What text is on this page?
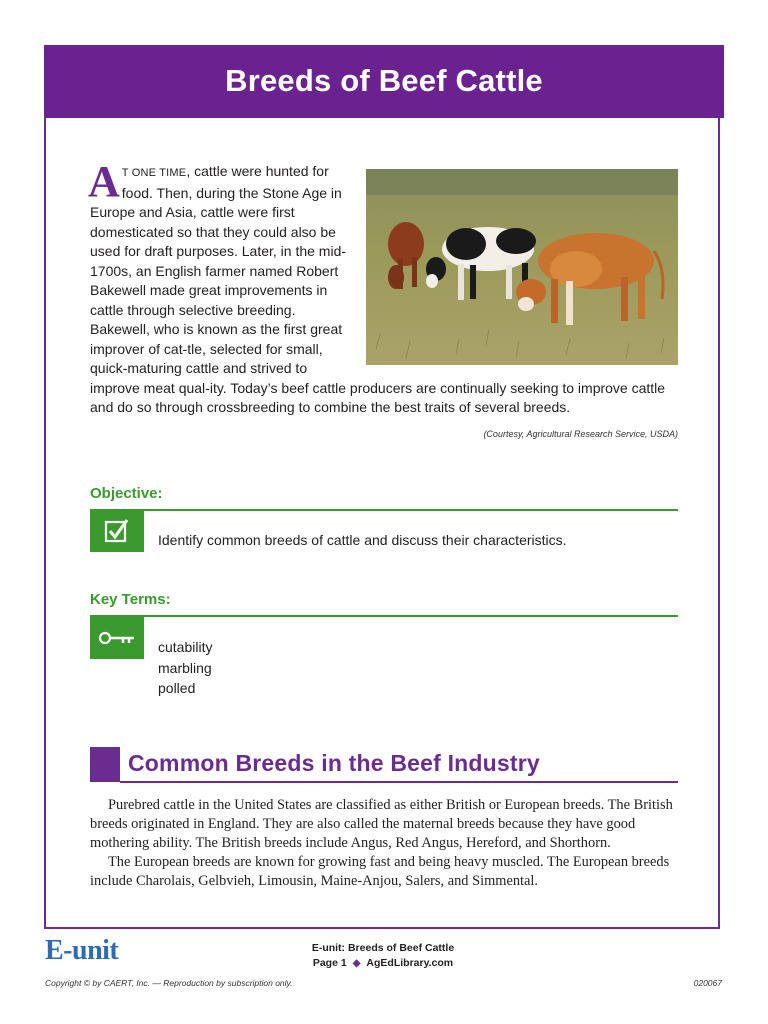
Breeds of Beef Cattle
A T ONE TIME, cattle were hunted for food. Then, during the Stone Age in Europe and Asia, cattle were first domesticated so that they could also be used for draft purposes. Later, in the mid-1700s, an English farmer named Robert Bakewell made great improvements in cattle through selective breeding. Bakewell, who is known as the first great improver of cat-tle, selected for small, quick-maturing cattle and strived to improve meat qual-ity. Today’s beef cattle producers are continually seeking to improve cattle and do so through crossbreeding to combine the best traits of several breeds.
(Courtesy, Agricultural Research Service, USDA)
Objective:
Identify common breeds of cattle and discuss their characteristics.
Key Terms:
cutability
marbling
polled
Common Breeds in the Beef Industry

Purebred cattle in the United States are classified as either British or European breeds. The British breeds originated in England. They are also called the maternal breeds because they have good mothering ability. The British breeds include Angus, Red Angus, Hereford, and Shorthorn.

The European breeds are known for growing fast and being heavy muscled. The European breeds include Charolais, Gelbvieh, Limousin, Maine-Anjou, Salers, and Simmental.

E-unit	E-unit: Breeds of Beef Cattle
Page 1 ◆ AgEdLibrary.com
Copyright © by CAERT, Inc. — Reproduction by subscription only.	020067
